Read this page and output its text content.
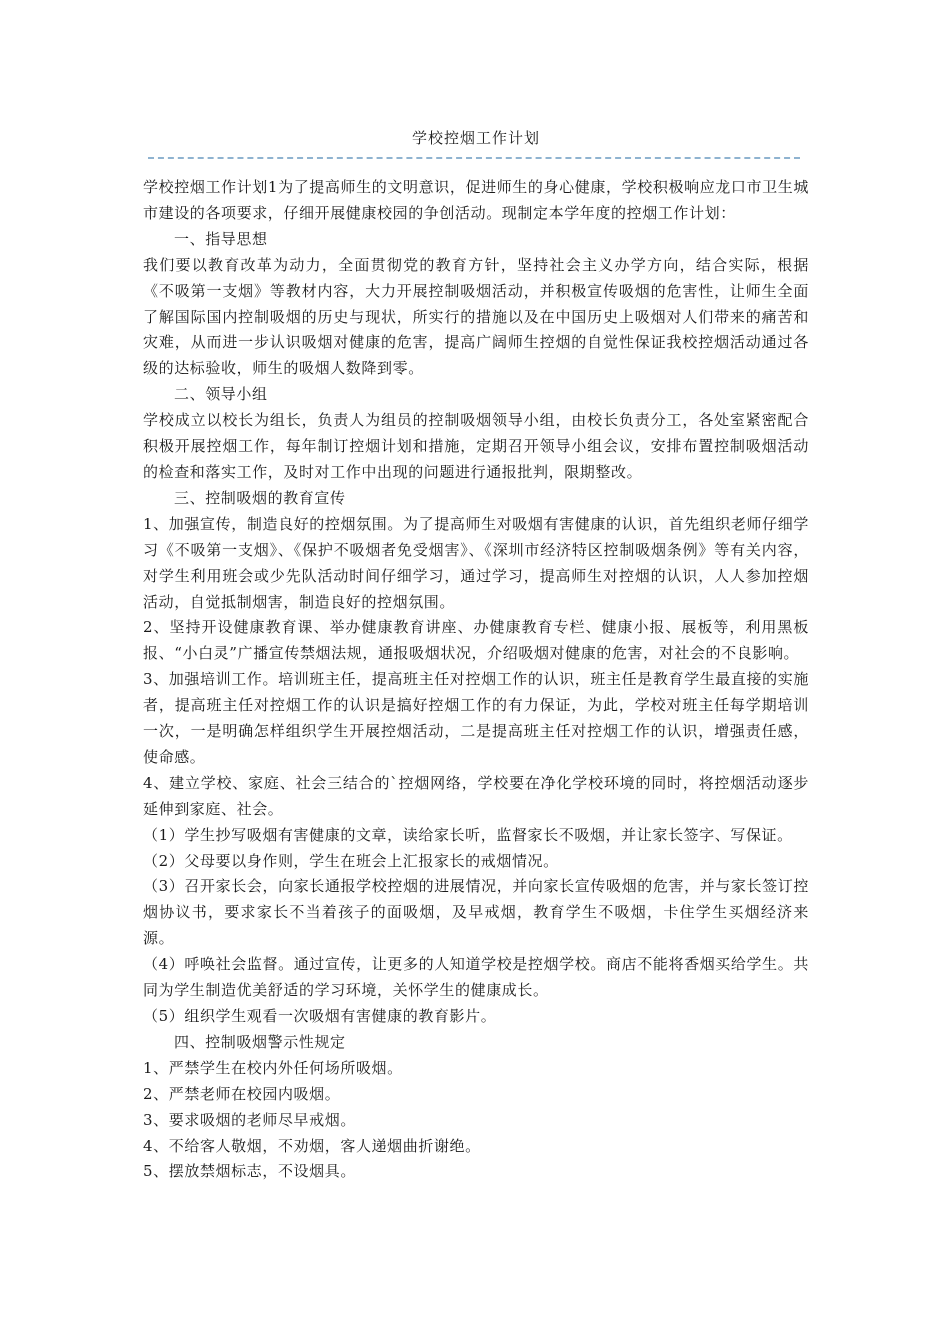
学校控烟工作计划

学校控烟工作计划1为了提高师生的文明意识，促进师生的身心健康，学校积极响应龙口市卫生城市建设的各项要求，仔细开展健康校园的争创活动。现制定本学年度的控烟工作计划：

一、指导思想

我们要以教育改革为动力，全面贯彻党的教育方针，坚持社会主义办学方向，结合实际，根据《不吸第一支烟》等教材内容，大力开展控制吸烟活动，并积极宣传吸烟的危害性，让师生全面了解国际国内控制吸烟的历史与现状，所实行的措施以及在中国历史上吸烟对人们带来的痛苦和灾难，从而进一步认识吸烟对健康的危害，提高广阔师生控烟的自觉性保证我校控烟活动通过各级的达标验收，师生的吸烟人数降到零。

二、领导小组

学校成立以校长为组长，负责人为组员的控制吸烟领导小组，由校长负责分工，各处室紧密配合积极开展控烟工作，每年制订控烟计划和措施，定期召开领导小组会议，安排布置控制吸烟活动的检查和落实工作，及时对工作中出现的问题进行通报批判，限期整改。

三、控制吸烟的教育宣传

1、加强宣传，制造良好的控烟氛围。为了提高师生对吸烟有害健康的认识，首先组织老师仔细学习《不吸第一支烟》、《保护不吸烟者免受烟害》、《深圳市经济特区控制吸烟条例》等有关内容，对学生利用班会或少先队活动时间仔细学习，通过学习，提高师生对控烟的认识，人人参加控烟活动，自觉抵制烟害，制造良好的控烟氛围。

2、坚持开设健康教育课、举办健康教育讲座、办健康教育专栏、健康小报、展板等，利用黑板报、“小白灵”广播宣传禁烟法规，通报吸烟状况，介绍吸烟对健康的危害，对社会的不良影响。

3、加强培训工作。培训班主任，提高班主任对控烟工作的认识，班主任是教育学生最直接的实施者，提高班主任对控烟工作的认识是搞好控烟工作的有力保证，为此，学校对班主任每学期培训一次，一是明确怎样组织学生开展控烟活动，二是提高班主任对控烟工作的认识，增强责任感，使命感。

4、建立学校、家庭、社会三结合的`控烟网络，学校要在净化学校环境的同时，将控烟活动逐步延伸到家庭、社会。

（1）学生抄写吸烟有害健康的文章，读给家长听，监督家长不吸烟，并让家长签字、写保证。

（2）父母要以身作则，学生在班会上汇报家长的戒烟情况。

（3）召开家长会，向家长通报学校控烟的进展情况，并向家长宣传吸烟的危害，并与家长签订控烟协议书，要求家长不当着孩子的面吸烟，及早戒烟，教育学生不吸烟，卡住学生买烟经济来源。

（4）呼唤社会监督。通过宣传，让更多的人知道学校是控烟学校。商店不能将香烟买给学生。共同为学生制造优美舒适的学习环境，关怀学生的健康成长。

（5）组织学生观看一次吸烟有害健康的教育影片。

四、控制吸烟警示性规定

1、严禁学生在校内外任何场所吸烟。

2、严禁老师在校园内吸烟。

3、要求吸烟的老师尽早戒烟。

4、不给客人敬烟，不劝烟，客人递烟曲折谢绝。

5、摆放禁烟标志，不设烟具。
